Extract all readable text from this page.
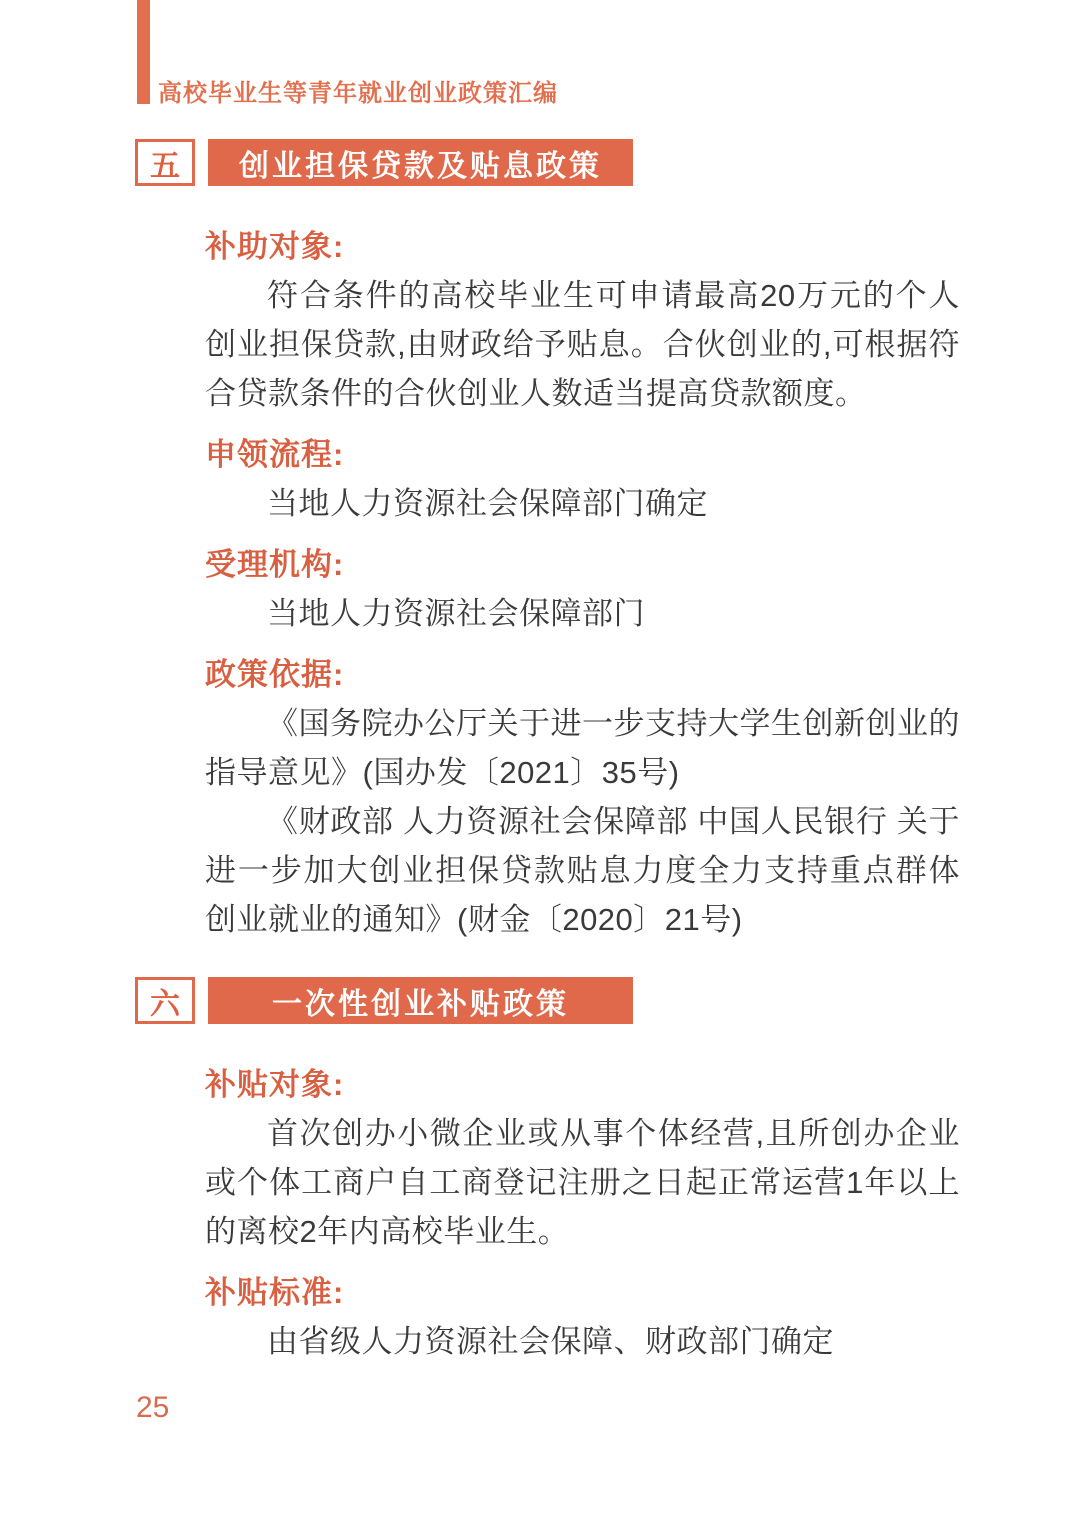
高校毕业生等青年就业创业政策汇编
五	创业担保贷款及贴息政策
补助对象:

符合条件的高校毕业生可申请最高20万元的个人创业担保贷款,由财政给予贴息。合伙创业的,可根据符合贷款条件的合伙创业人数适当提高贷款额度。

申领流程:

当地人力资源社会保障部门确定

受理机构:

当地人力资源社会保障部门

政策依据:

《国务院办公厅关于进一步支持大学生创新创业的指导意见》(国办发〔2021〕35号)

《财政部 人力资源社会保障部 中国人民银行 关于进一步加大创业担保贷款贴息力度全力支持重点群体创业就业的通知》(财金〔2020〕21号)

六	一次性创业补贴政策
补贴对象:

首次创办小微企业或从事个体经营,且所创办企业或个体工商户自工商登记注册之日起正常运营1年以上的离校2年内高校毕业生。

补贴标准:

由省级人力资源社会保障、财政部门确定

25
